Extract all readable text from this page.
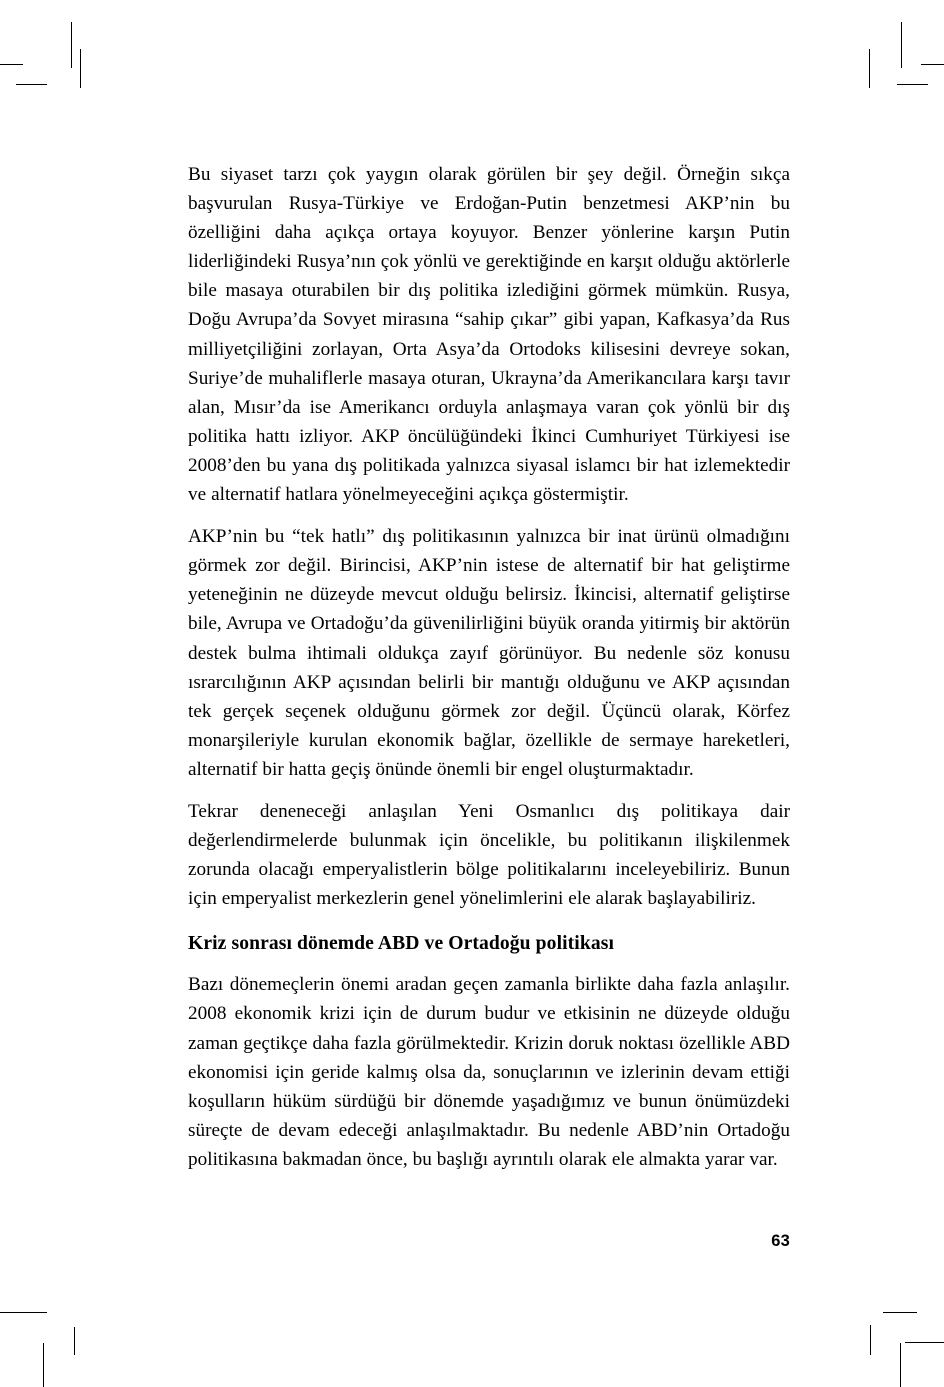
Bu siyaset tarzı çok yaygın olarak görülen bir şey değil. Örneğin sıkça başvurulan Rusya-Türkiye ve Erdoğan-Putin benzetmesi AKP’nin bu özelliğini daha açıkça ortaya koyuyor. Benzer yönlerine karşın Putin liderliğindeki Rusya’nın çok yönlü ve gerektiğinde en karşıt olduğu aktörlerle bile masaya oturabilen bir dış politika izlediğini görmek mümkün. Rusya, Doğu Avrupa’da Sovyet mirasına “sahip çıkar” gibi yapan, Kafkasya’da Rus milliyetçiliğini zorlayan, Orta Asya’da Ortodoks kilisesini devreye sokan, Suriye’de muhaliflerle masaya oturan, Ukrayna’da Amerikancılara karşı tavır alan, Mısır’da ise Amerikancı orduyla anlaşmaya varan çok yönlü bir dış politika hattı izliyor. AKP öncülüğündeki İkinci Cumhuriyet Türkiyesi ise 2008’den bu yana dış politikada yalnızca siyasal islamcı bir hat izlemektedir ve alternatif hatlara yönelmeyeceğini açıkça göstermiştir.

AKP’nin bu “tek hatlı” dış politikasının yalnızca bir inat ürünü olmadığını görmek zor değil. Birincisi, AKP’nin istese de alternatif bir hat geliştirme yeteneğinin ne düzeyde mevcut olduğu belirsiz. İkincisi, alternatif geliştirse bile, Avrupa ve Ortadoğu’da güvenilirliğini büyük oranda yitirmiş bir aktörün destek bulma ihtimali oldukça zayıf görünüyor. Bu nedenle söz konusu ısrarcılığının AKP açısından belirli bir mantığı olduğunu ve AKP açısından tek gerçek seçenek olduğunu görmek zor değil. Üçüncü olarak, Körfez monarşileriyle kurulan ekonomik bağlar, özellikle de sermaye hareketleri, alternatif bir hatta geçiş önünde önemli bir engel oluşturmaktadır.

Tekrar deneneceği anlaşılan Yeni Osmanlıcı dış politikaya dair değerlendirmelerde bulunmak için öncelikle, bu politikanın ilişkilenmek zorunda olacağı emperyalistlerin bölge politikalarını inceleyebiliriz. Bunun için emperyalist merkezlerin genel yönelimlerini ele alarak başlayabiliriz.

Kriz sonrası dönemde ABD ve Ortadoğu politikası

Bazı dönemeçlerin önemi aradan geçen zamanla birlikte daha fazla anlaşılır. 2008 ekonomik krizi için de durum budur ve etkisinin ne düzeyde olduğu zaman geçtikçe daha fazla görülmektedir. Krizin doruk noktası özellikle ABD ekonomisi için geride kalmış olsa da, sonuçlarının ve izlerinin devam ettiği koşulların hüküm sürdüğü bir dönemde yaşadığımız ve bunun önümüzdeki süreçte de devam edeceği anlaşılmaktadır. Bu nedenle ABD’nin Ortadoğu politikasına bakmadan önce, bu başlığı ayrıntılı olarak ele almakta yarar var.

63
